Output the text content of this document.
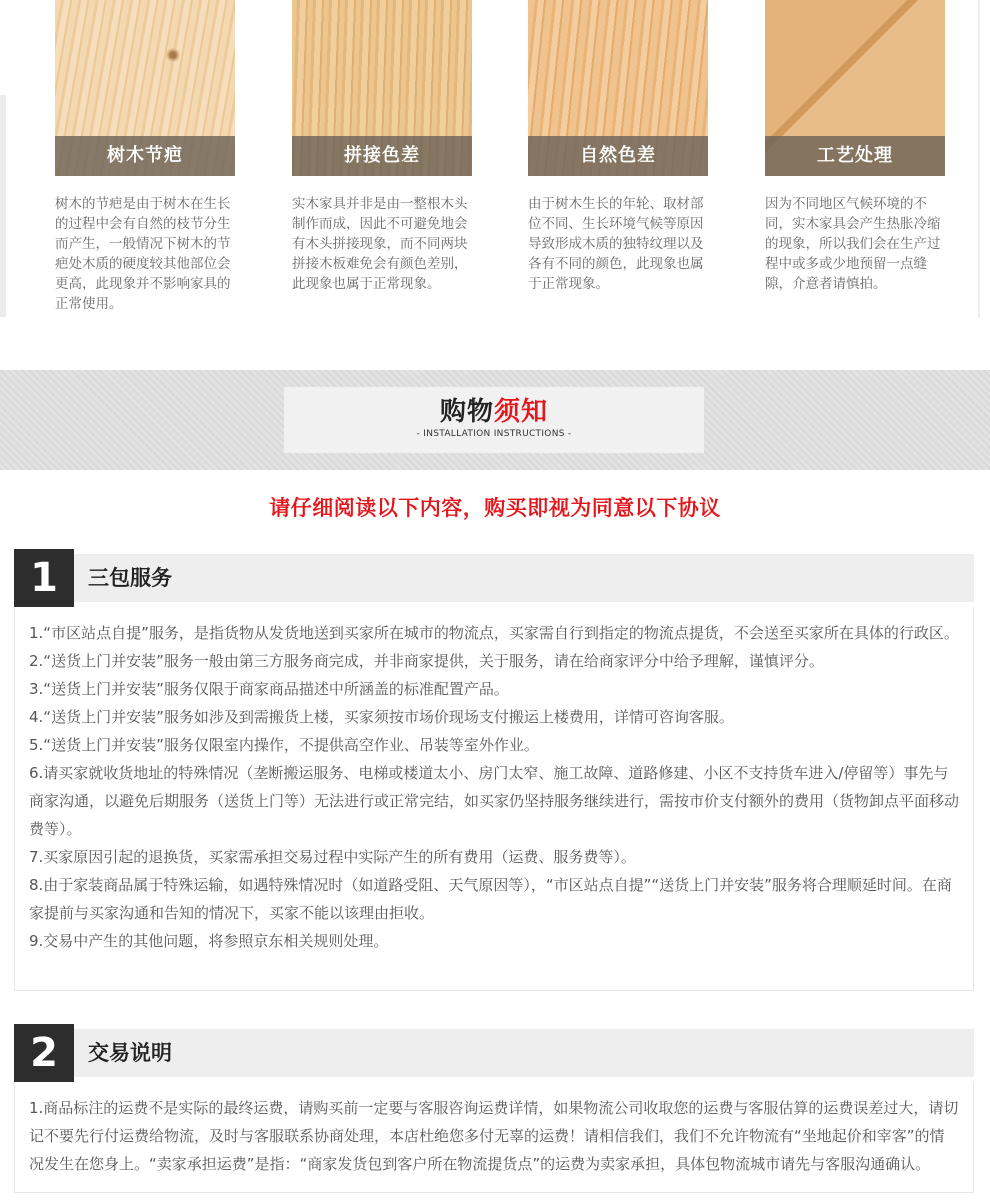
树木节疤
树木的节疤是由于树木在生长的过程中会有自然的枝节分生而产生，一般情况下树木的节疤处木质的硬度较其他部位会更高，此现象并不影响家具的正常使用。
拼接色差
实木家具并非是由一整根木头制作而成，因此不可避免地会有木头拼接现象，而不同两块拼接木板难免会有颜色差别，此现象也属于正常现象。
自然色差
由于树木生长的年轮、取材部位不同、生长环境气候等原因导致形成木质的独特纹理以及各有不同的颜色，此现象也属于正常现象。
工艺处理
因为不同地区气候环境的不同，实木家具会产生热胀冷缩的现象，所以我们会在生产过程中或多或少地预留一点缝隙，介意者请慎拍。
购物须知
- INSTALLATION INSTRUCTIONS -
请仔细阅读以下内容，购买即视为同意以下协议
1	三包服务

1.“市区站点自提”服务，是指货物从发货地送到买家所在城市的物流点，买家需自行到指定的物流点提货，不会送至买家所在具体的行政区。

2.“送货上门并安装”服务一般由第三方服务商完成，并非商家提供，关于服务，请在给商家评分中给予理解，谨慎评分。

3.“送货上门并安装”服务仅限于商家商品描述中所涵盖的标准配置产品。

4.“送货上门并安装”服务如涉及到需搬货上楼，买家须按市场价现场支付搬运上楼费用，详情可咨询客服。

5.“送货上门并安装”服务仅限室内操作，不提供高空作业、吊装等室外作业。

6.请买家就收货地址的特殊情况（垄断搬运服务、电梯或楼道太小、房门太窄、施工故障、道路修建、小区不支持货车进入/停留等）事先与商家沟通，以避免后期服务（送货上门等）无法进行或正常完结，如买家仍坚持服务继续进行，需按市价支付额外的费用（货物卸点平面移动费等）。

7.买家原因引起的退换货，买家需承担交易过程中实际产生的所有费用（运费、服务费等）。

8.由于家装商品属于特殊运输，如遇特殊情况时（如道路受阻、天气原因等），“市区站点自提”“送货上门并安装”服务将合理顺延时间。在商家提前与买家沟通和告知的情况下，买家不能以该理由拒收。

9.交易中产生的其他问题，将参照京东相关规则处理。

2	交易说明

1.商品标注的运费不是实际的最终运费，请购买前一定要与客服咨询运费详情，如果物流公司收取您的运费与客服估算的运费误差过大，请切记不要先行付运费给物流，及时与客服联系协商处理，本店杜绝您多付无辜的运费！请相信我们，我们不允许物流有“坐地起价和宰客”的情况发生在您身上。“卖家承担运费”是指：“商家发货包到客户所在物流提货点”的运费为卖家承担，具体包物流城市请先与客服沟通确认。
